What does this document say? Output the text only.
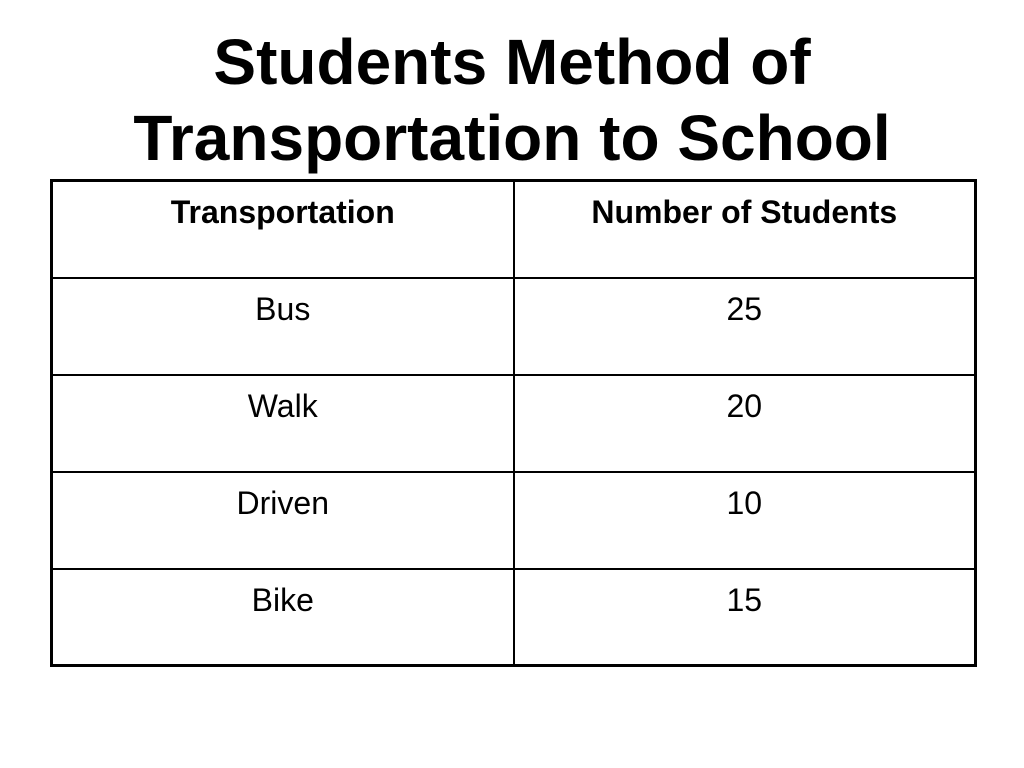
Students Method of
Transportation to School
Transportation	Number of Students
Bus	25
Walk	20
Driven	10
Bike	15
